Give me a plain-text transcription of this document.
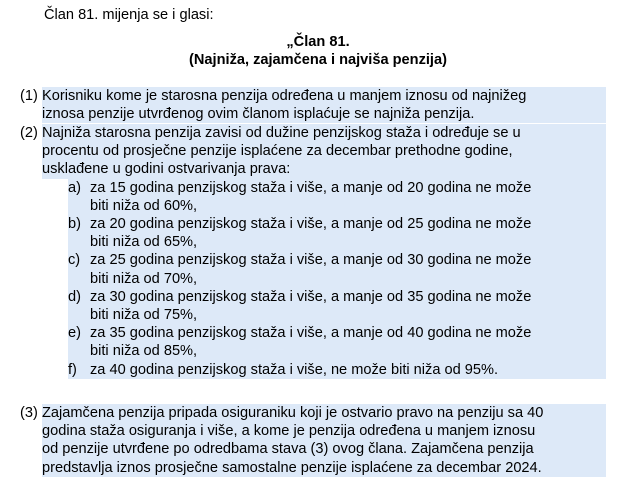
Član 81. mijenja se i glasi:
„Član 81.
(Najniža, zajamčena i najviša penzija)
(1) Korisniku kome je starosna penzija određena u manjem iznosu od najnižeg
iznosa penzije utvrđenog ovim članom isplaćuje se najniža penzija.
(2) Najniža starosna penzija zavisi od dužine penzijskog staža i određuje se u
procentu od prosječne penzije isplaćene za decembar prethodne godine,
usklađene u godini ostvarivanja prava:
a) za 15 godina penzijskog staža i više, a manje od 20 godina ne može
biti niža od 60%,
b) za 20 godina penzijskog staža i više, a manje od 25 godina ne može
biti niža od 65%,
c) za 25 godina penzijskog staža i više, a manje od 30 godina ne može
biti niža od 70%,
d) za 30 godina penzijskog staža i više, a manje od 35 godina ne može
biti niža od 75%,
e) za 35 godina penzijskog staža i više, a manje od 40 godina ne može
biti niža od 85%,
f) za 40 godina penzijskog staža i više, ne može biti niža od 95%.
(3) Zajamčena penzija pripada osiguraniku koji je ostvario pravo na penziju sa 40
godina staža osiguranja i više, a kome je penzija određena u manjem iznosu
od penzije utvrđene po odredbama stava (3) ovog člana. Zajamčena penzija
predstavlja iznos prosječne samostalne penzije isplaćene za decembar 2024.
